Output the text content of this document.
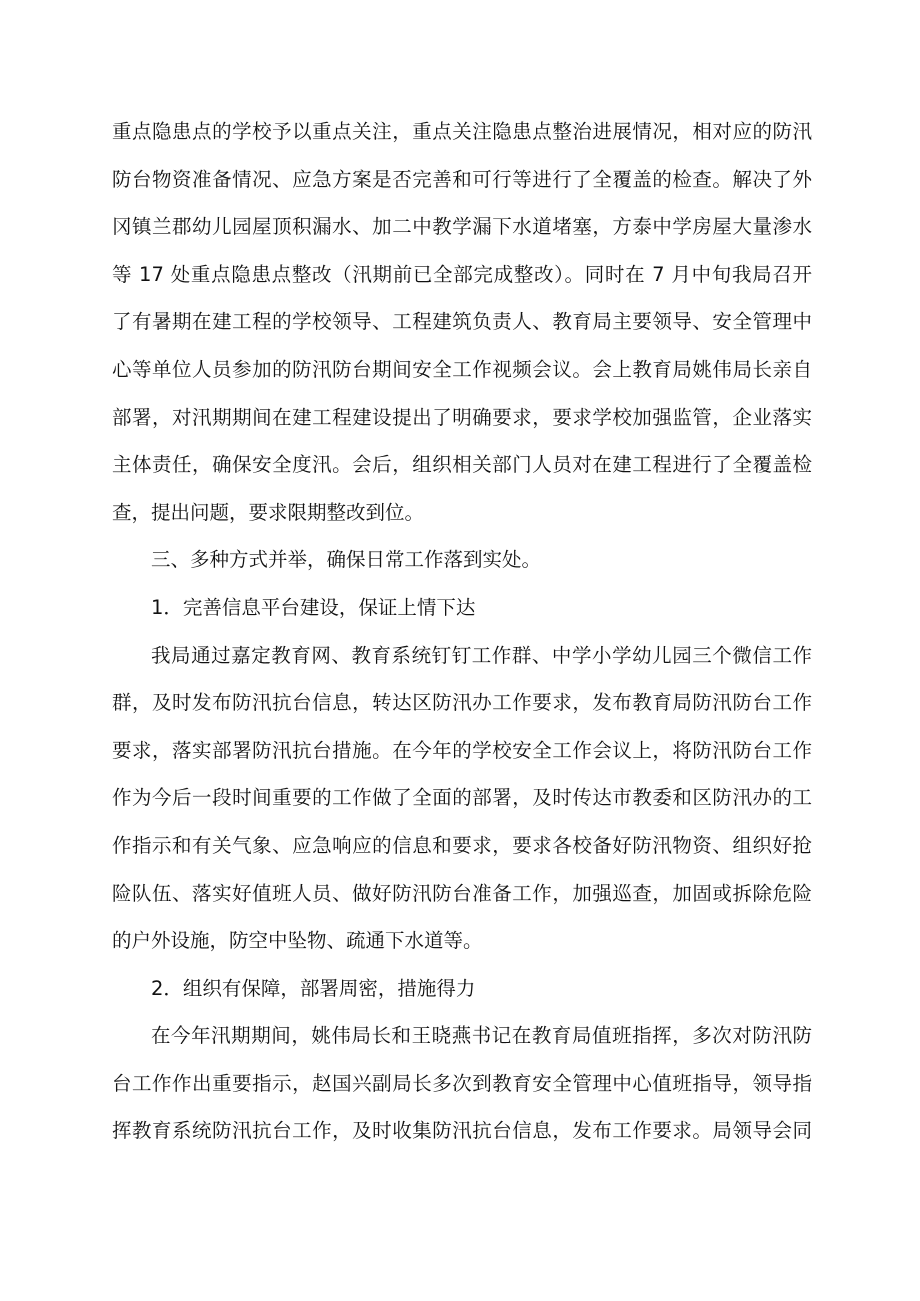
重点隐患点的学校予以重点关注，重点关注隐患点整治进展情况，相对应的防汛
防台物资准备情况、应急方案是否完善和可行等进行了全覆盖的检查。解决了外
冈镇兰郡幼儿园屋顶积漏水、加二中教学漏下水道堵塞，方泰中学房屋大量渗水
等 17 处重点隐患点整改（汛期前已全部完成整改）。同时在 7 月中旬我局召开
了有暑期在建工程的学校领导、工程建筑负责人、教育局主要领导、安全管理中
心等单位人员参加的防汛防台期间安全工作视频会议。会上教育局姚伟局长亲自
部署，对汛期期间在建工程建设提出了明确要求，要求学校加强监管，企业落实
主体责任，确保安全度汛。会后，组织相关部门人员对在建工程进行了全覆盖检
查，提出问题，要求限期整改到位。
三、多种方式并举，确保日常工作落到实处。
1．完善信息平台建设，保证上情下达
我局通过嘉定教育网、教育系统钉钉工作群、中学小学幼儿园三个微信工作
群，及时发布防汛抗台信息，转达区防汛办工作要求，发布教育局防汛防台工作
要求，落实部署防汛抗台措施。在今年的学校安全工作会议上，将防汛防台工作
作为今后一段时间重要的工作做了全面的部署，及时传达市教委和区防汛办的工
作指示和有关气象、应急响应的信息和要求，要求各校备好防汛物资、组织好抢
险队伍、落实好值班人员、做好防汛防台准备工作，加强巡查，加固或拆除危险
的户外设施，防空中坠物、疏通下水道等。
2．组织有保障，部署周密，措施得力
在今年汛期期间，姚伟局长和王晓燕书记在教育局值班指挥，多次对防汛防
台工作作出重要指示，赵国兴副局长多次到教育安全管理中心值班指导，领导指
挥教育系统防汛抗台工作，及时收集防汛抗台信息，发布工作要求。局领导会同
